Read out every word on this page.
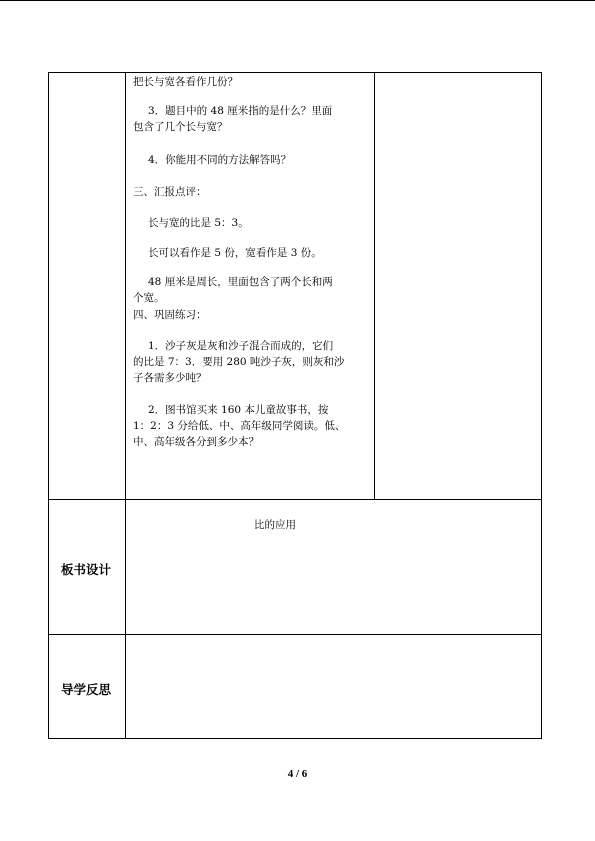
把长与宽各看作几份？

3．题目中的 48 厘米指的是什么？里面

包含了几个长与宽？

4．你能用不同的方法解答吗？

三、汇报点评：

长与宽的比是 5：3。

长可以看作是 5 份，宽看作是 3 份。

48 厘米是周长，里面包含了两个长和两

个宽。

四、巩固练习：

1．沙子灰是灰和沙子混合而成的，它们

的比是 7：3．要用 280 吨沙子灰，则灰和沙

子各需多少吨？

2．图书馆买来 160 本儿童故事书，按

1：2：3 分给低、中、高年级同学阅读。低、

中、高年级各分到多少本？

板书设计

比的应用

导学反思
4 / 6
